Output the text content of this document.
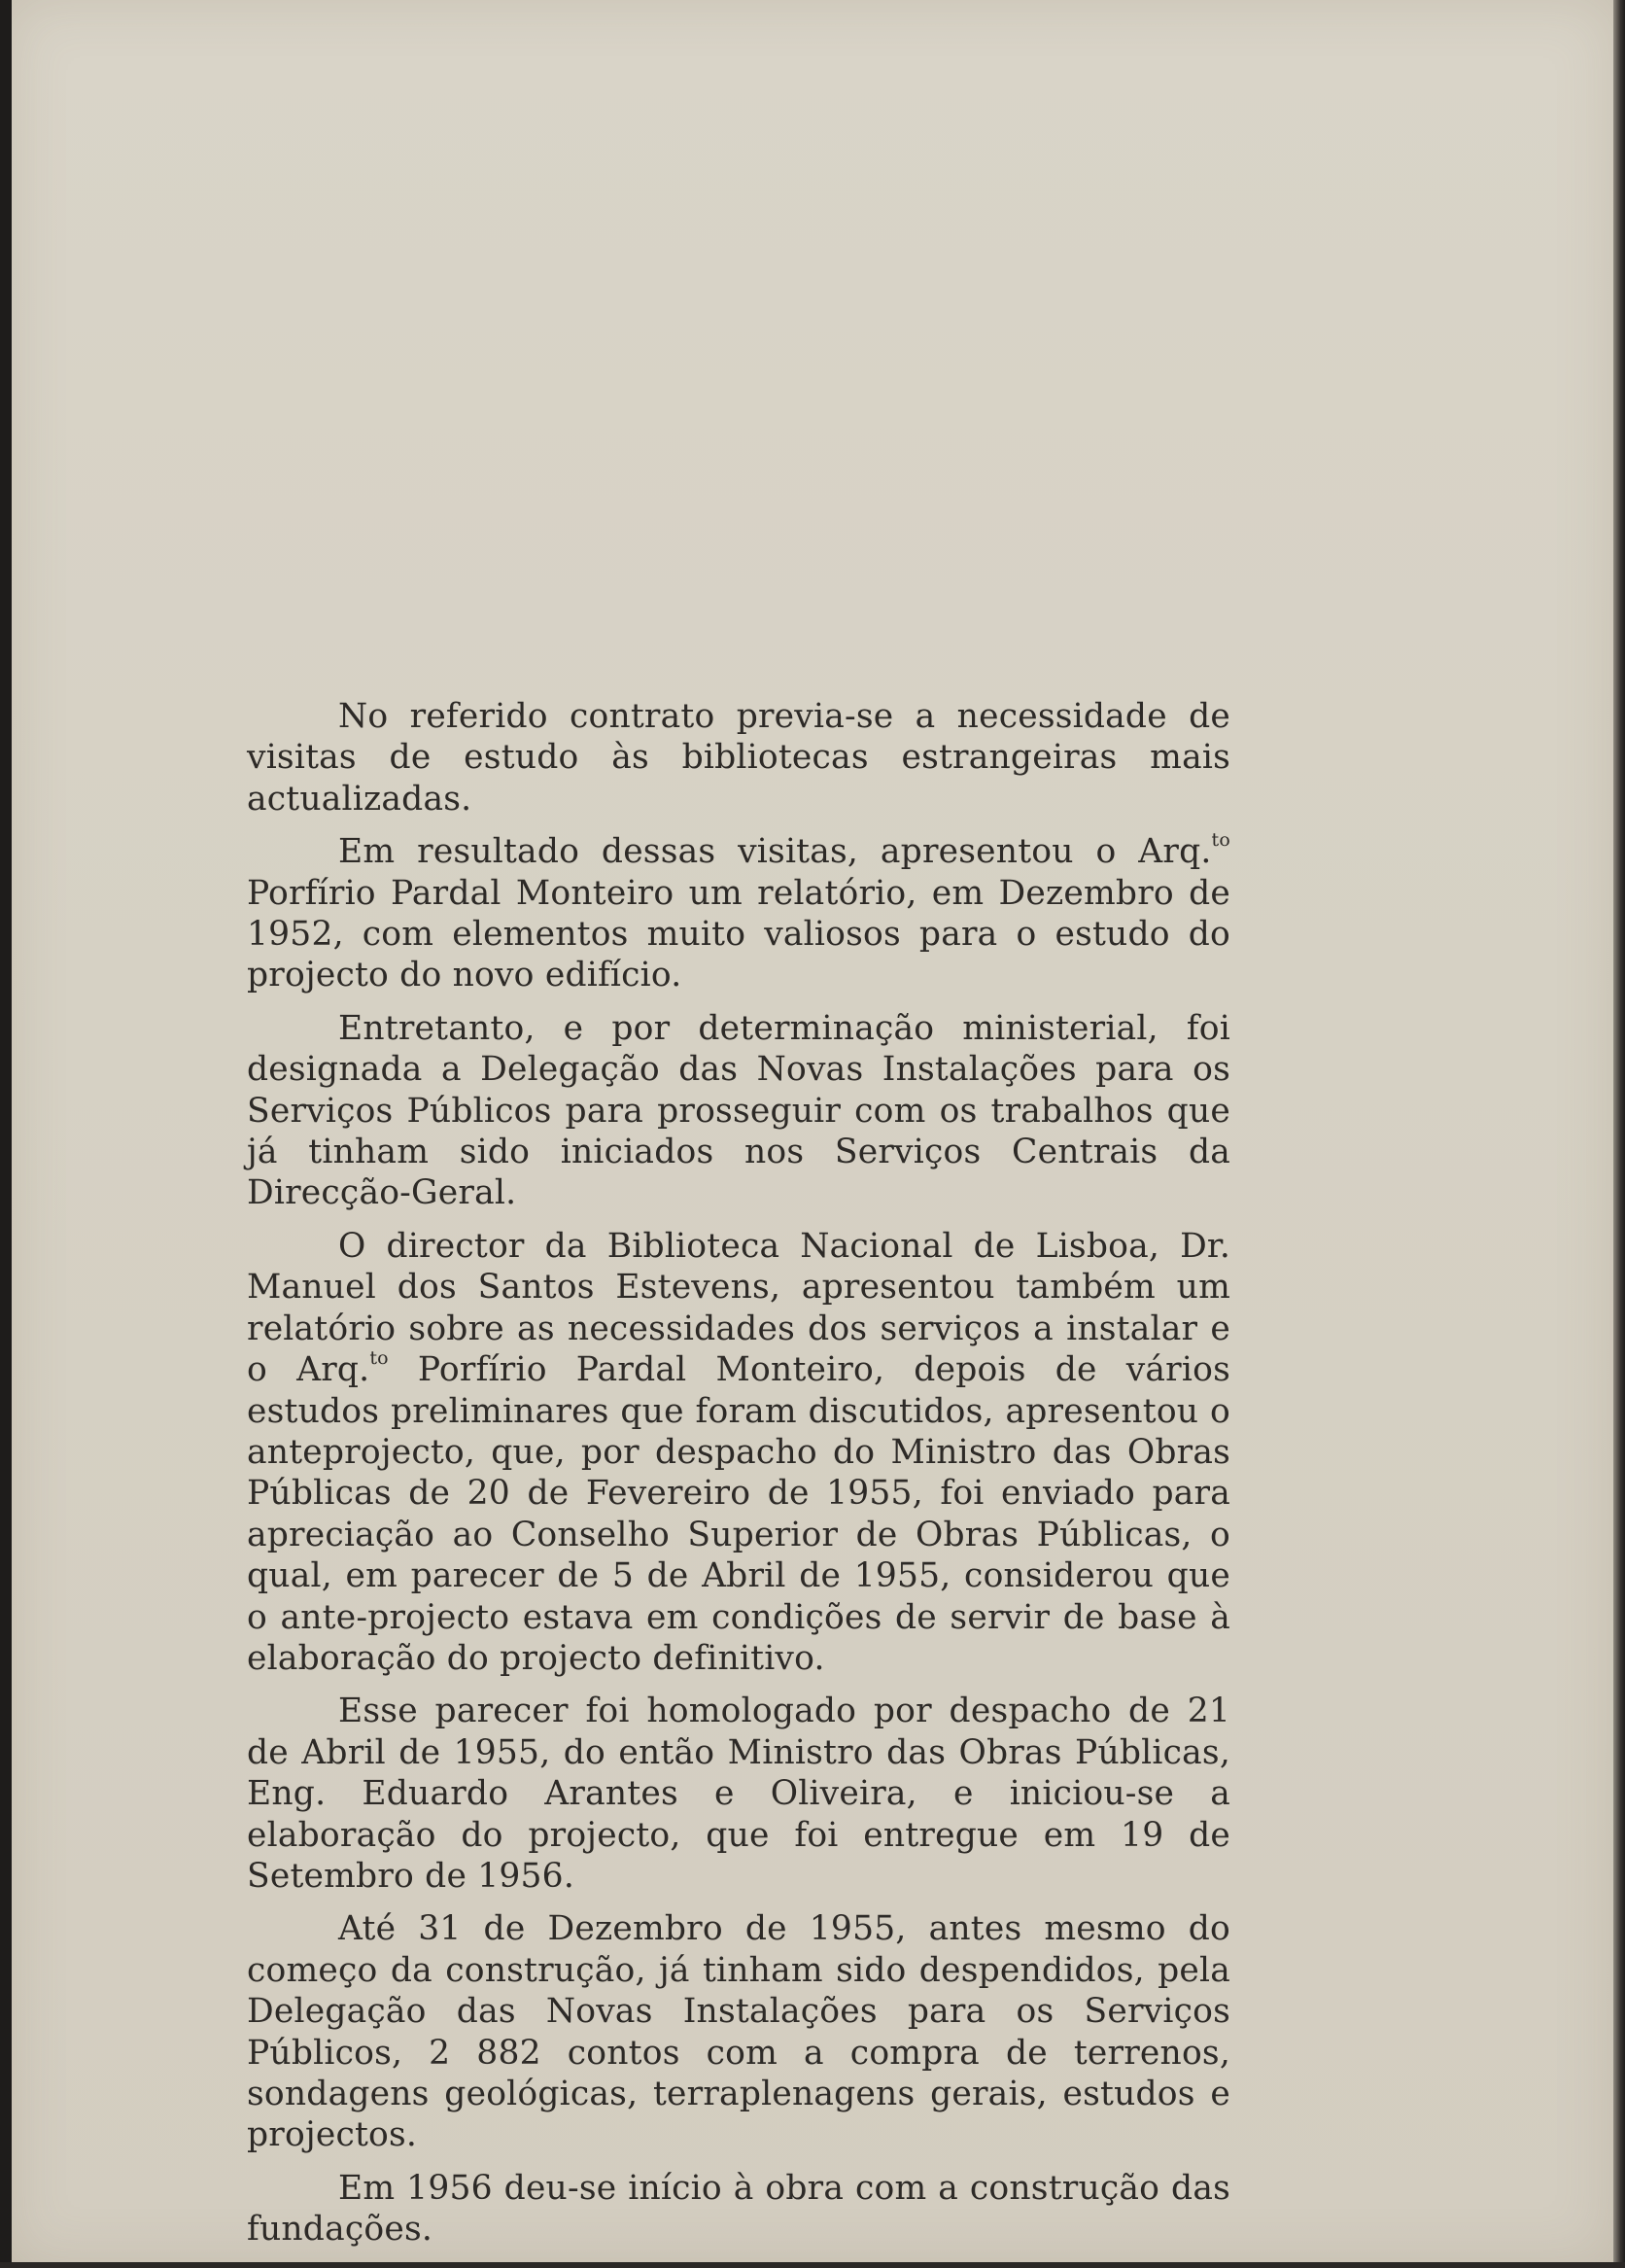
No referido contrato previa-se a necessidade de visitas de estudo às bibliotecas estrangeiras mais actualizadas.

Em resultado dessas visitas, apresentou o Arq.$^{to}$ Porfírio Pardal Monteiro um relatório, em Dezembro de 1952, com elementos muito valiosos para o estudo do projecto do novo edifício.

Entretanto, e por determinação ministerial, foi designada a Delegação das Novas Instalações para os Serviços Públicos para prosseguir com os trabalhos que já tinham sido iniciados nos Serviços Centrais da Direcção-Geral.

O director da Biblioteca Nacional de Lisboa, Dr. Manuel dos Santos Estevens, apresentou também um relatório sobre as necessidades dos serviços a instalar e o Arq.$^{to}$ Porfírio Pardal Monteiro, depois de vários estudos preliminares que foram discutidos, apresentou o anteprojecto, que, por despacho do Ministro das Obras Públicas de 20 de Fevereiro de 1955, foi enviado para apreciação ao Conselho Superior de Obras Públicas, o qual, em parecer de 5 de Abril de 1955, considerou que o ante-projecto estava em condições de servir de base à elaboração do projecto definitivo.

Esse parecer foi homologado por despacho de 21 de Abril de 1955, do então Ministro das Obras Públicas, Eng. Eduardo Arantes e Oliveira, e iniciou-se a elaboração do projecto, que foi entregue em 19 de Setembro de 1956.

Até 31 de Dezembro de 1955, antes mesmo do começo da construção, já tinham sido despendidos, pela Delegação das Novas Instalações para os Serviços Públicos, 2 882 contos com a compra de terrenos, sondagens geológicas, terraplenagens gerais, estudos e projectos.

Em 1956 deu-se início à obra com a construção das fundações.
